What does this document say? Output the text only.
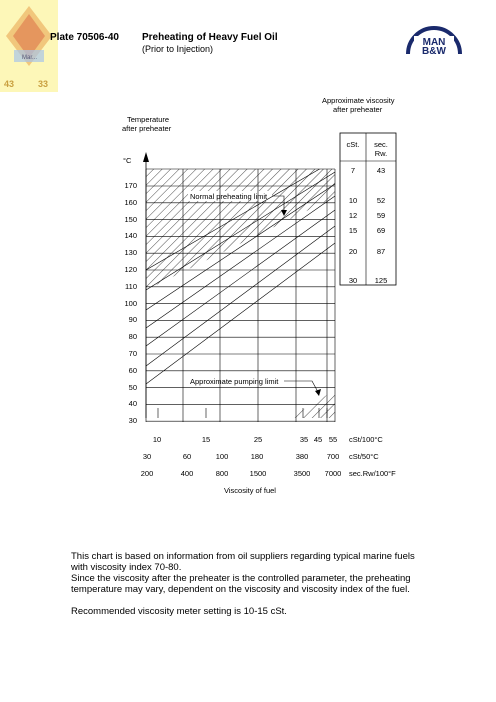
Mar...
43	33
Plate 70506-40 Preheating of Heavy Fuel Oil
(Prior to Injection)
MAN
B&W
Temperature
after preheater
°C
Approximate viscosity
after preheater
Normal preheating limit
Approximate pumping limit
170
160
150
140
130
120
110
100
90
80
70
60
50
40
30
10	15	25	35 45 55
30	60	100	180	380	700
200	400	800	1500	3500	7000
cSt/100°C
cSt/50°C
sec.Rw/100°F
Viscosity of fuel
cSt.	sec.
Rw.
7	43
10	52
12	59
15	69
20	87
30	125
This chart is based on information from oil suppliers regarding typical marine fuels
with viscosity index 70-80.
Since the viscosity after the preheater is the controlled parameter, the preheating
temperature may vary, dependent on the viscosity and viscosity index of the fuel.
Recommended viscosity meter setting is 10-15 cSt.
